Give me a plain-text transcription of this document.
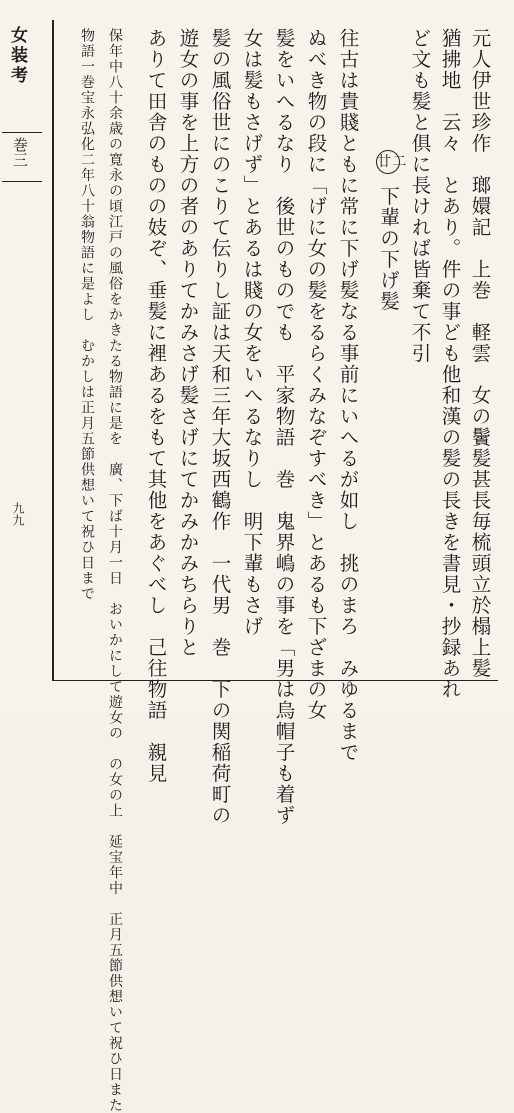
女装考
巻三
九九	元人伊世珍作　瑯嬛記　上巻　軽雲　女の鬢髪甚長毎梳頭立於榻上髪
猶拂地　云々　とあり。件の事ども他和漢の髪の長きを書見・抄録あれ
ど文も髪と俱に長ければ皆棄て不引
廿二 下輩の下げ髪
往古は貴賤ともに常に下げ髪なる事前にいへるが如し　挑のまろ　みゆるまで
ぬべき物の段に「げに女の髪をるらくみなぞすべき」とあるも下ざまの女
髪をいへるなり　後世のものでも　平家物語　巻　鬼界嶋の事を「男は烏帽子も着ず
女は髪もさげず」とあるは賤の女をいへるなりし　明下輩もさげ
髪の風俗世にのこりて伝りし証は天和三年大坂西鶴作　一代男　巻　下の関稲荷町の
遊女の事を上方の者のありてかみさげ髪さげにてかみかみちらりと
ありて田舎のものの妓ぞ、垂髪に裡あるをもて其他をあぐべし　己往物語　親見
保年中八十余歳の寛永の頃江戸の風俗をかきたる物語に是を　廣、下ば十月一日　おいかにして遊女の　の女の上　延宝年中　正月五節供想いて祝ひ日また
物語一巻宝永弘化二年八十翁物語に是よし　むかしは正月五節供想いて祝ひ日まで
